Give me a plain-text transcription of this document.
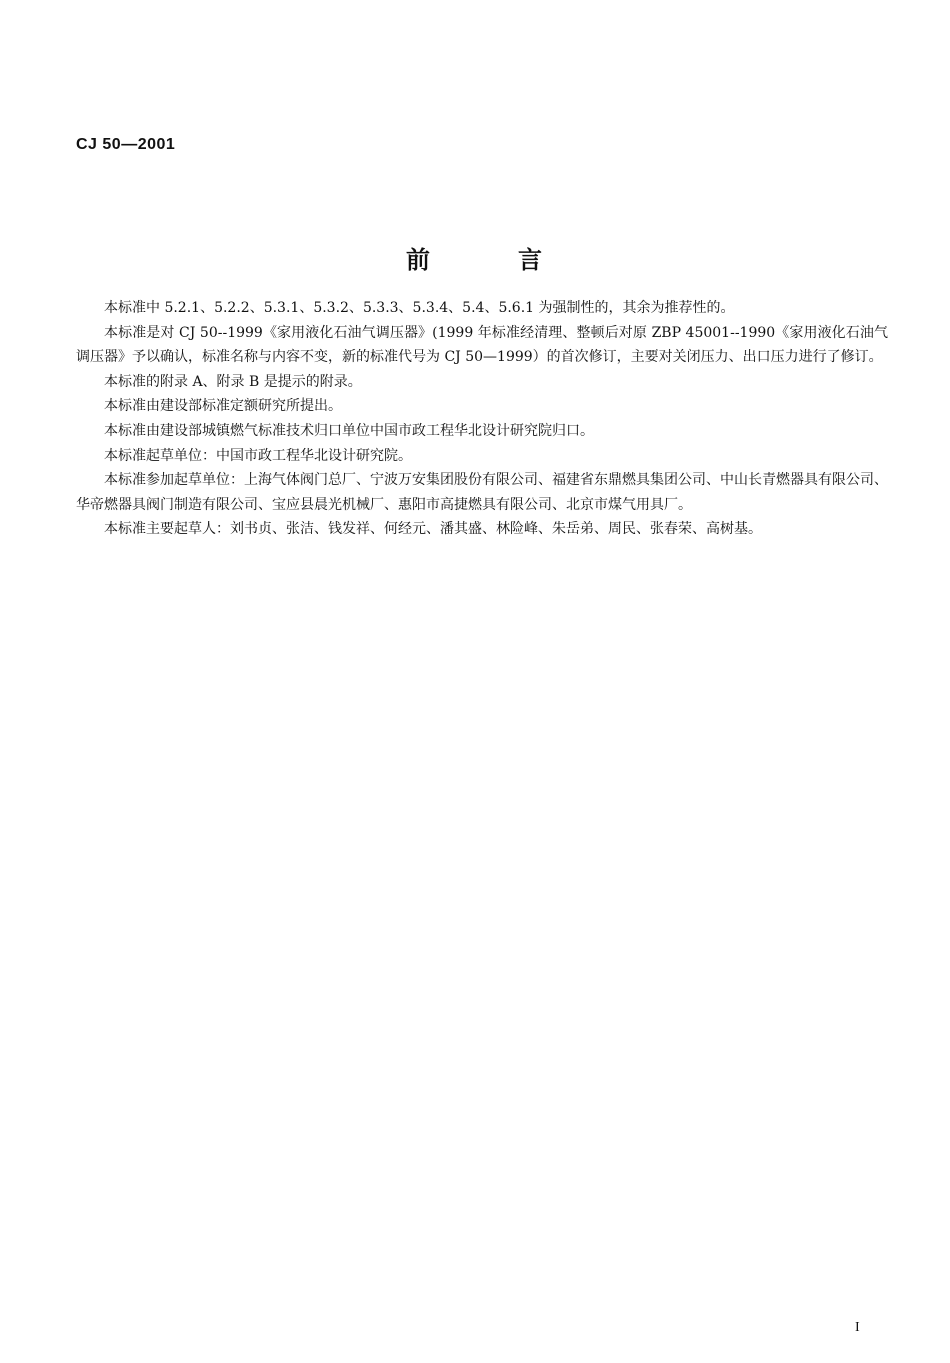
CJ 50—2001
前	言

本标准中 5.2.1、5.2.2、5.3.1、5.3.2、5.3.3、5.3.4、5.4、5.6.1 为强制性的，其余为推荐性的。

本标准是对 CJ 50--1999《家用液化石油气调压器》(1999 年标准经清理、整顿后对原 ZBP 45001--1990《家用液化石油气调压器》予以确认，标准名称与内容不变，新的标准代号为 CJ 50—1999）的首次修订，主要对关闭压力、出口压力进行了修订。

本标准的附录 A、附录 B 是提示的附录。

本标准由建设部标准定额研究所提出。

本标准由建设部城镇燃气标准技术归口单位中国市政工程华北设计研究院归口。

本标准起草单位：中国市政工程华北设计研究院。

本标准参加起草单位：上海气体阀门总厂、宁波万安集团股份有限公司、福建省东鼎燃具集团公司、中山长青燃器具有限公司、华帝燃器具阀门制造有限公司、宝应县晨光机械厂、惠阳市高捷燃具有限公司、北京市煤气用具厂。

本标准主要起草人：刘书贞、张洁、钱发祥、何经元、潘其盛、林险峰、朱岳弟、周民、张春荣、高树基。

I
